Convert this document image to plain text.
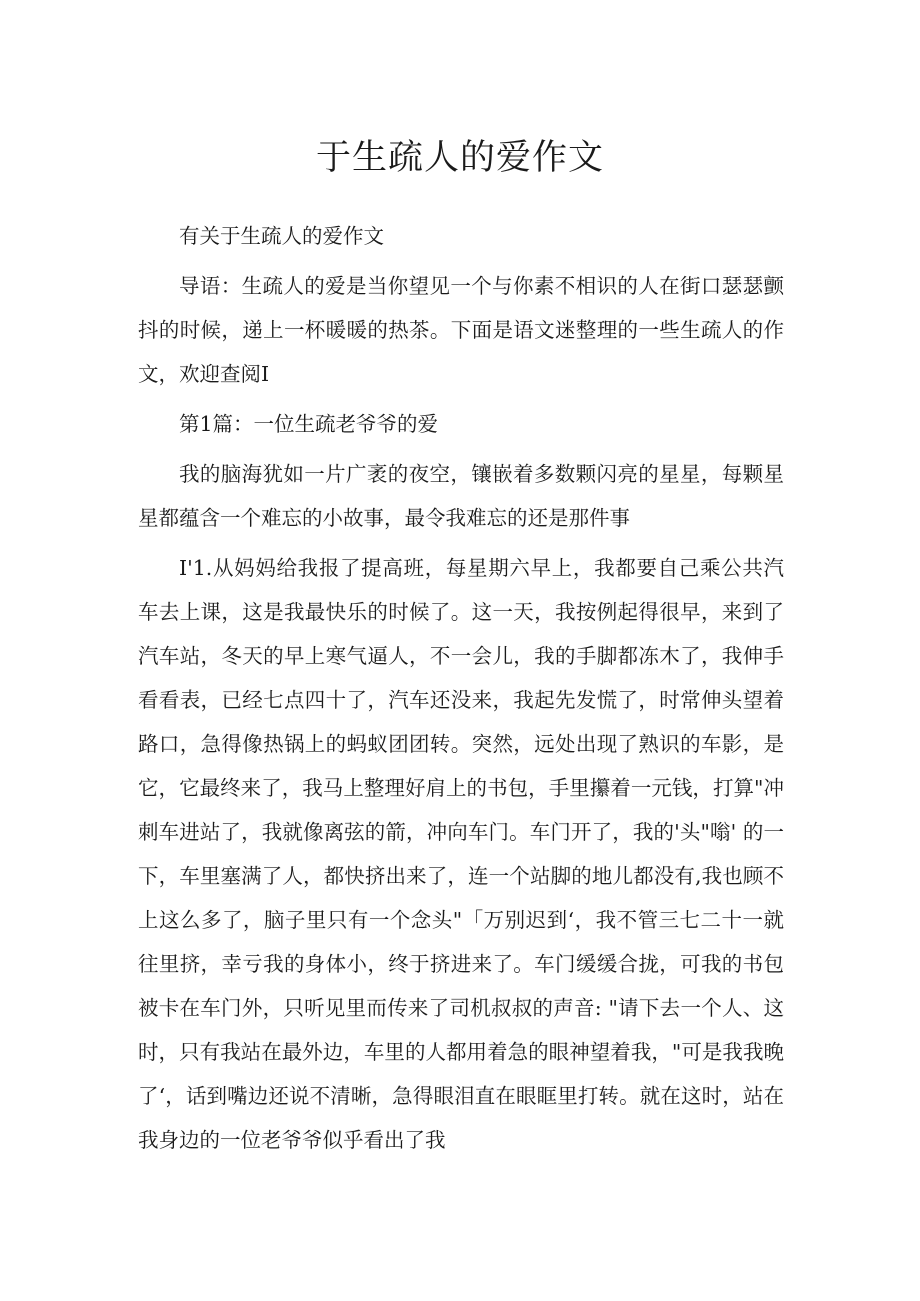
于生疏人的爱作文

有关于生疏人的爱作文

导语：生疏人的爱是当你望见一个与你素不相识的人在街口瑟瑟颤抖的时候，递上一杯暖暖的热茶。下面是语文迷整理的一些生疏人的作文，欢迎查阅I

第1篇：一位生疏老爷爷的爱

我的脑海犹如一片广袤的夜空，镶嵌着多数颗闪亮的星星，每颗星星都蕴含一个难忘的小故事，最令我难忘的还是那件事

I'1.从妈妈给我报了提高班，每星期六早上，我都要自己乘公共汽车去上课，这是我最快乐的时候了。这一天，我按例起得很早，来到了汽车站，冬天的早上寒气逼人，不一会儿，我的手脚都冻木了，我伸手看看表，已经七点四十了，汽车还没来，我起先发慌了，时常伸头望着路口，急得像热锅上的蚂蚁团团转。突然，远处出现了熟识的车影，是它，它最终来了，我马上整理好肩上的书包，手里攥着一元钱，打算"冲刺车进站了，我就像离弦的箭，冲向车门。车门开了，我的'头"嗡' 的一下，车里塞满了人，都快挤出来了，连一个站脚的地儿都没有,我也顾不上这么多了，脑子里只有一个念头"「万别迟到‘，我不管三七二十一就往里挤，幸亏我的身体小，终于挤进来了。车门缓缓合拢，可我的书包被卡在车门外，只听见里而传来了司机叔叔的声音: "请下去一个人、这时，只有我站在最外边，车里的人都用着急的眼神望着我，"可是我我晚了‘，话到嘴边还说不清晰，急得眼泪直在眼眶里打转。就在这时，站在我身边的一位老爷爷似乎看出了我
